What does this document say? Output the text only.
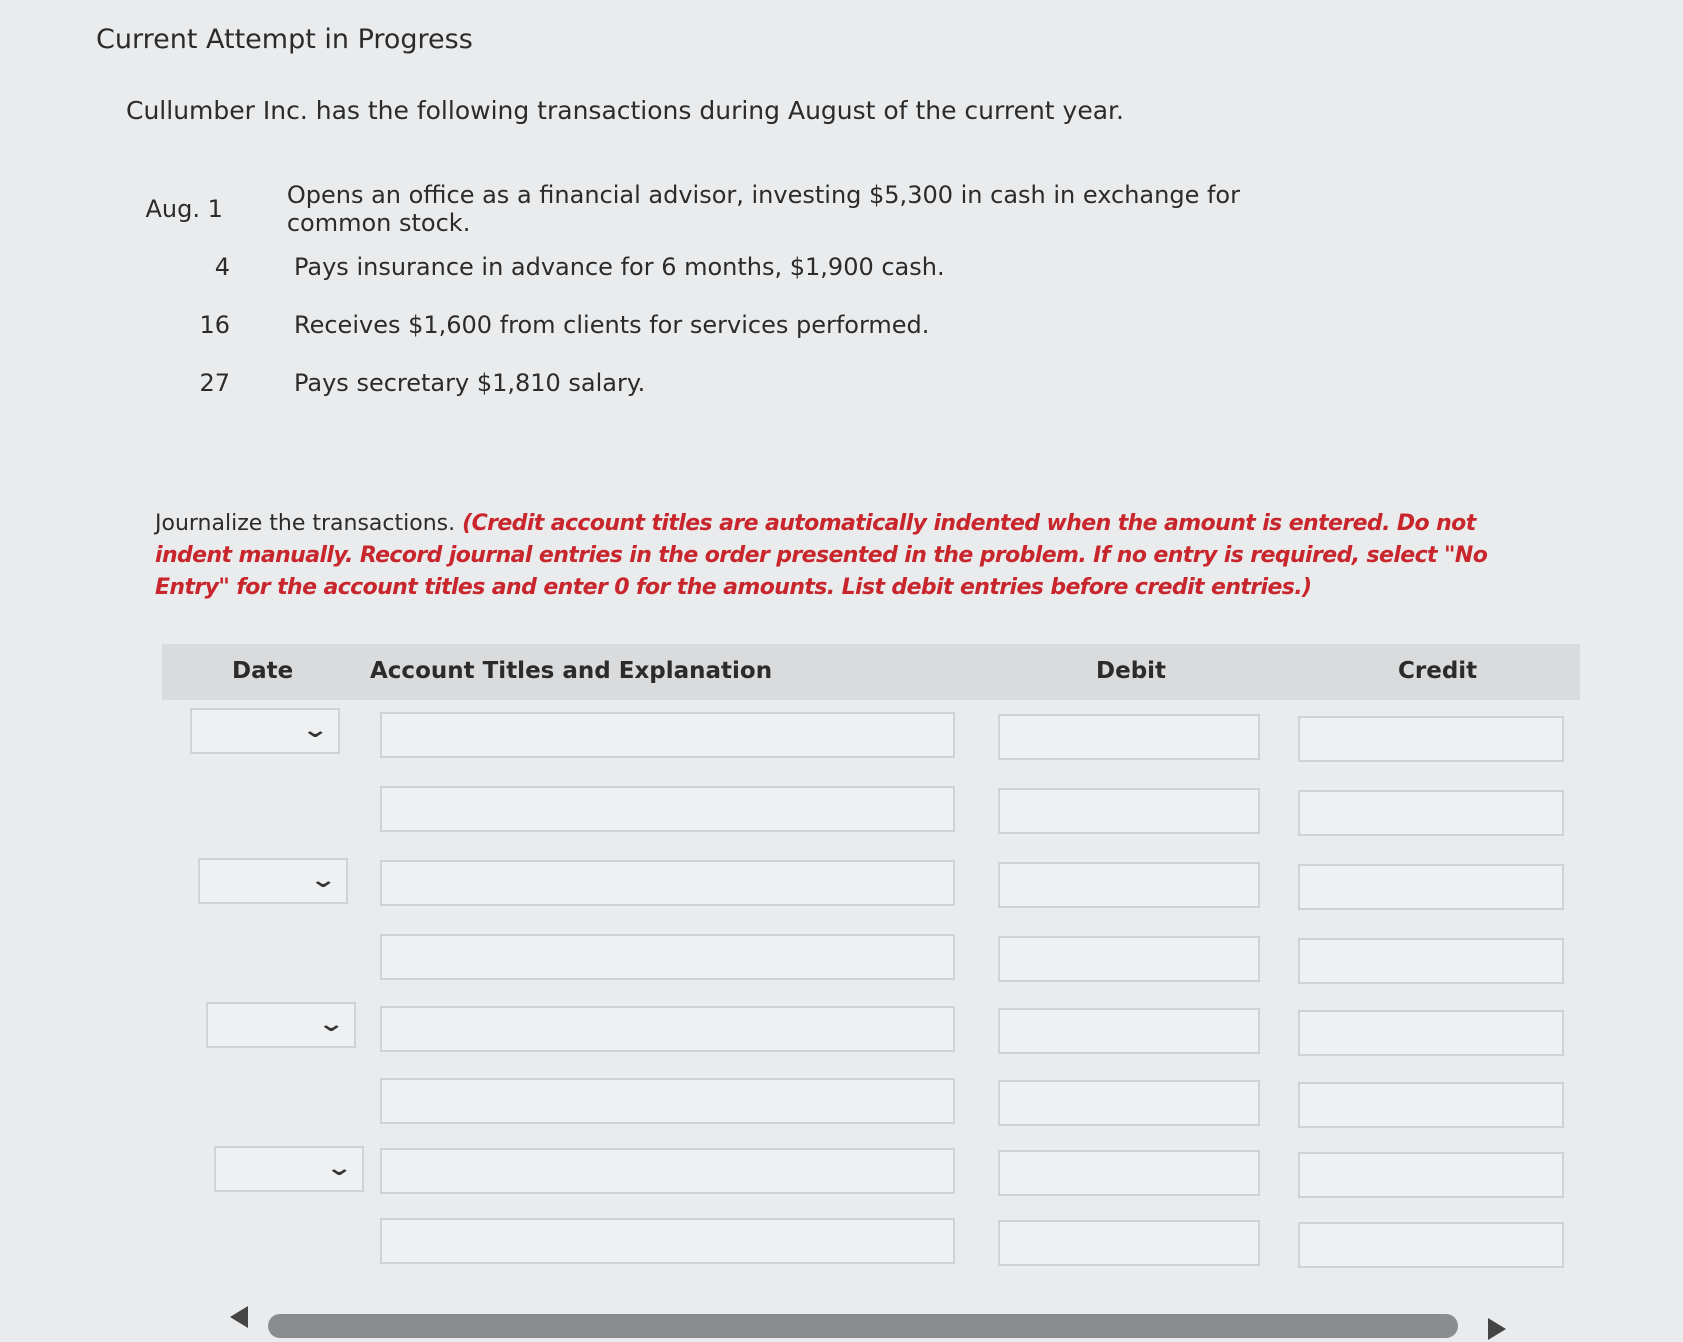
Current Attempt in Progress
Cullumber Inc. has the following transactions during August of the current year.
Aug. 1	Opens an office as a financial advisor, investing $5,300 in cash in exchange for common stock.
4	Pays insurance in advance for 6 months, $1,900 cash.
16	Receives $1,600 from clients for services performed.
27	Pays secretary $1,810 salary.
Journalize the transactions. (Credit account titles are automatically indented when the amount is entered. Do not indent manually. Record journal entries in the order presented in the problem. If no entry is required, select "No Entry" for the account titles and enter 0 for the amounts. List debit entries before credit entries.)
Date	Account Titles and Explanation	Debit	Credit
⌄
⌄
⌄
⌄
